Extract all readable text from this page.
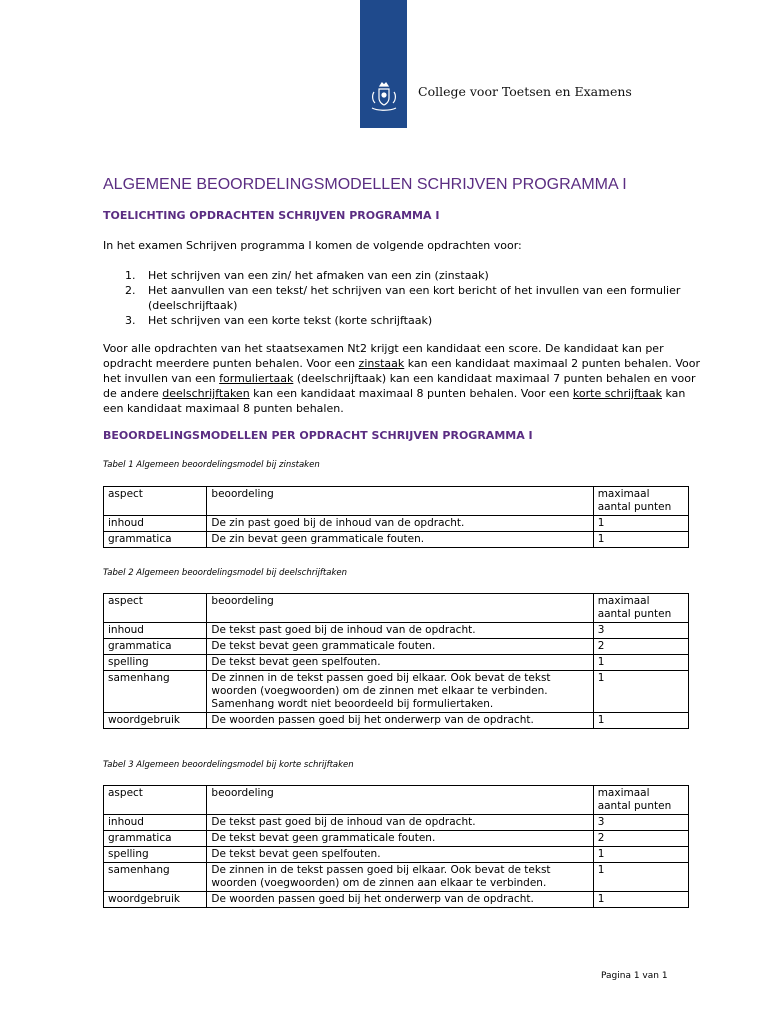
College voor Toetsen en Examens
ALGEMENE BEOORDELINGSMODELLEN SCHRIJVEN PROGRAMMA I
TOELICHTING OPDRACHTEN SCHRIJVEN PROGRAMMA I

In het examen Schrijven programma I komen de volgende opdrachten voor:

1. Het schrijven van een zin/ het afmaken van een zin (zinstaak)
2. Het aanvullen van een tekst/ het schrijven van een kort bericht of het invullen van een formulier (deelschrijftaak)
3. Het schrijven van een korte tekst (korte schrijftaak)

Voor alle opdrachten van het staatsexamen Nt2 krijgt een kandidaat een score. De kandidaat kan per opdracht meerdere punten behalen. Voor een zinstaak kan een kandidaat maximaal 2 punten behalen. Voor het invullen van een formuliertaak (deelschrijftaak) kan een kandidaat maximaal 7 punten behalen en voor de andere deelschrijftaken kan een kandidaat maximaal 8 punten behalen. Voor een korte schrijftaak kan een kandidaat maximaal 8 punten behalen.

BEOORDELINGSMODELLEN PER OPDRACHT SCHRIJVEN PROGRAMMA I

Tabel 1 Algemeen beoordelingsmodel bij zinstaken

aspect	beoordeling	maximaal aantal punten
inhoud	De zin past goed bij de inhoud van de opdracht.	1
grammatica	De zin bevat geen grammaticale fouten.	1

Tabel 2 Algemeen beoordelingsmodel bij deelschrijftaken

aspect	beoordeling	maximaal aantal punten
inhoud	De tekst past goed bij de inhoud van de opdracht.	3
grammatica	De tekst bevat geen grammaticale fouten.	2
spelling	De tekst bevat geen spelfouten.	1
samenhang	De zinnen in de tekst passen goed bij elkaar. Ook bevat de tekst woorden (voegwoorden) om de zinnen met elkaar te verbinden. Samenhang wordt niet beoordeeld bij formuliertaken.	1
woordgebruik	De woorden passen goed bij het onderwerp van de opdracht.	1

Tabel 3 Algemeen beoordelingsmodel bij korte schrijftaken

aspect	beoordeling	maximaal aantal punten
inhoud	De tekst past goed bij de inhoud van de opdracht.	3
grammatica	De tekst bevat geen grammaticale fouten.	2
spelling	De tekst bevat geen spelfouten.	1
samenhang	De zinnen in de tekst passen goed bij elkaar. Ook bevat de tekst woorden (voegwoorden) om de zinnen aan elkaar te verbinden.	1
woordgebruik	De woorden passen goed bij het onderwerp van de opdracht.	1
Pagina 1 van 1
